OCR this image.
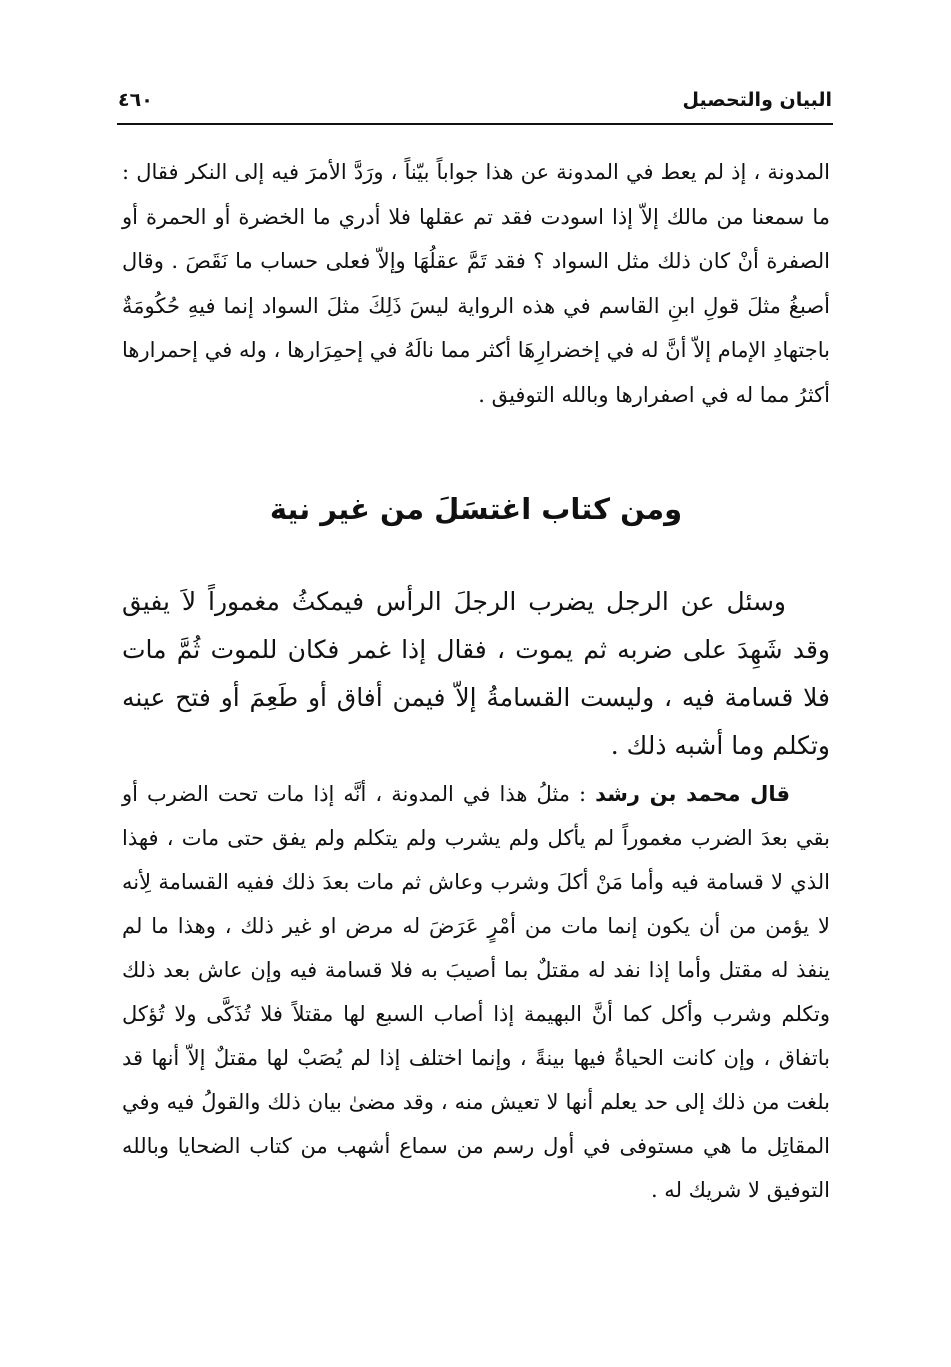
البيان والتحصيل
٤٦٠

المدونة ، إذ لم يعط في المدونة عن هذا جواباً بيّناً ، ورَدَّ الأمرَ فيه إلى النكر فقال : ما سمعنا من مالك إلاّ إذا اسودت فقد تم عقلها فلا أدري ما الخضرة أو الحمرة أو الصفرة أنْ كان ذلك مثل السواد ؟ فقد تَمَّ عقلُهَا وإلاّ فعلى حساب ما نَقَصَ . وقال أصبغُ مثلَ قولِ ابنِ القاسم في هذه الرواية ليسَ ذَلِكَ مثلَ السواد إنما فيهِ حُكُومَةٌ باجتهادِ الإمام إلاّ أنَّ له في إخضرارِهَا أكثر مما نالَهُ في إحمِرَارها ، وله في إحمرارها أكثرُ مما له في اصفرارها وبالله التوفيق .

ومن كتاب اغتسَلَ من غير نية

وسئل عن الرجل يضرب الرجلَ الرأس فيمكثُ مغموراً لاَ يفيق وقد شَهِدَ على ضربه ثم يموت ، فقال إذا غمر فكان للموت ثُمَّ مات فلا قسامة فيه ، وليست القسامةُ إلاّ فيمن أفاق أو طَعِمَ أو فتح عينه وتكلم وما أشبه ذلك .

قال محمد بن رشد : مثلُ هذا في المدونة ، أنَّه إذا مات تحت الضرب أو بقي بعدَ الضرب مغموراً لم يأكل ولم يشرب ولم يتكلم ولم يفق حتى مات ، فهذا الذي لا قسامة فيه وأما مَنْ أكلَ وشرب وعاش ثم مات بعدَ ذلك ففيه القسامة لِأنه لا يؤمن من أن يكون إنما مات من أمْرٍ عَرَضَ له مرض او غير ذلك ، وهذا ما لم ينفذ له مقتل وأما إذا نفد له مقتلٌ بما أصيبَ به فلا قسامة فيه وإن عاش بعد ذلك وتكلم وشرب وأكل كما أنَّ البهيمة إذا أصاب السبع لها مقتلاً فلا تُذَكَّى ولا تُؤكل باتفاق ، وإن كانت الحياةُ فيها بينةً ، وإنما اختلف إذا لم يُصَبْ لها مقتلٌ إلاّ أنها قد بلغت من ذلك إلى حد يعلم أنها لا تعيش منه ، وقد مضىٰ بيان ذلك والقولُ فيه وفي المقاتِل ما هي مستوفى في أول رسم من سماع أشهب من كتاب الضحايا وبالله التوفيق لا شريك له .
